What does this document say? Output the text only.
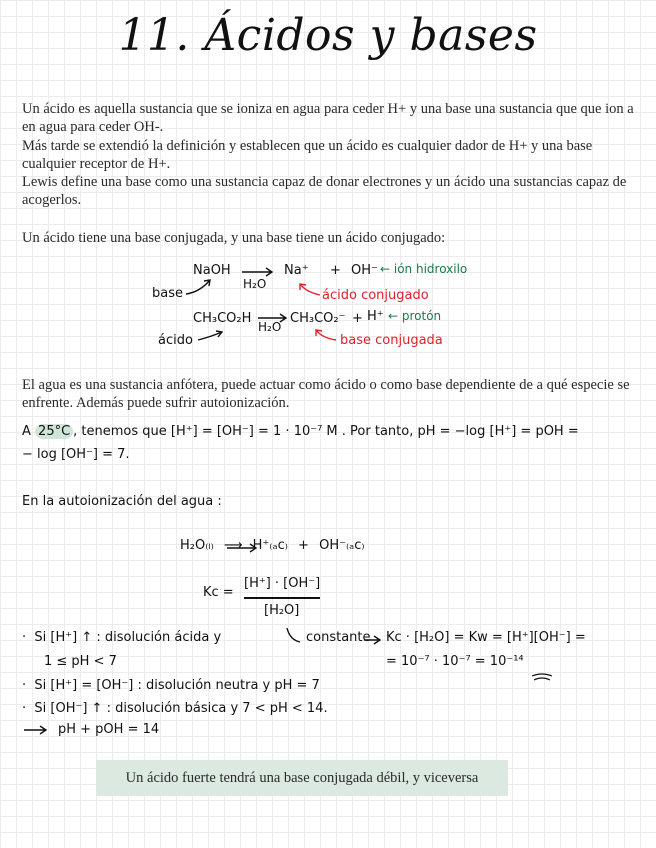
11. Ácidos y bases

Un ácido es aquella sustancia que se ioniza en agua para ceder H+ y una base una sustancia que que ion a en agua para ceder OH-.

Más tarde se extendió la definición y establecen que un ácido es cualquier dador de H+ y una base cualquier receptor de H+.

Lewis define una base como una sustancia capaz de donar electrones y un ácido una sustancias capaz de acogerlos.

Un ácido tiene una base conjugada, y una base tiene un ácido conjugado:

NaOH
H₂O
Na⁺ + OH⁻ ← ión hidroxilo
base	ácido conjugado
CH₃CO₂H
H₂O
CH₃CO₂⁻ + H⁺ ← protón
ácido	base conjugada

El agua es una sustancia anfótera, puede actuar como ácido o como base dependiente de a qué especie se enfrente. Además puede sufrir autoionización.

A 25°C , tenemos que [H⁺] = [OH⁻] = 1 · 10⁻⁷ M . Por tanto, pH = −log [H⁺] = pOH =
− log [OH⁻] = 7.
En la autoionización del agua :
H₂O₍ₗ₎ ⟶ H⁺₍ₐc₎ + OH⁻₍ₐc₎
Kc =
[H⁺] · [OH⁻]
[H₂O]
constante Kc · [H₂O] = Kw = [H⁺][OH⁻] =
= 10⁻⁷ · 10⁻⁷ = 10⁻¹⁴
·  Si [H⁺] ↑ : disolución ácida y
1 ≤ pH < 7
·  Si [H⁺] = [OH⁻] : disolución neutra y pH = 7
·  Si [OH⁻] ↑ : disolución básica y 7 < pH < 14.
pH + pOH = 14
Un ácido fuerte tendrá una base conjugada débil, y viceversa
